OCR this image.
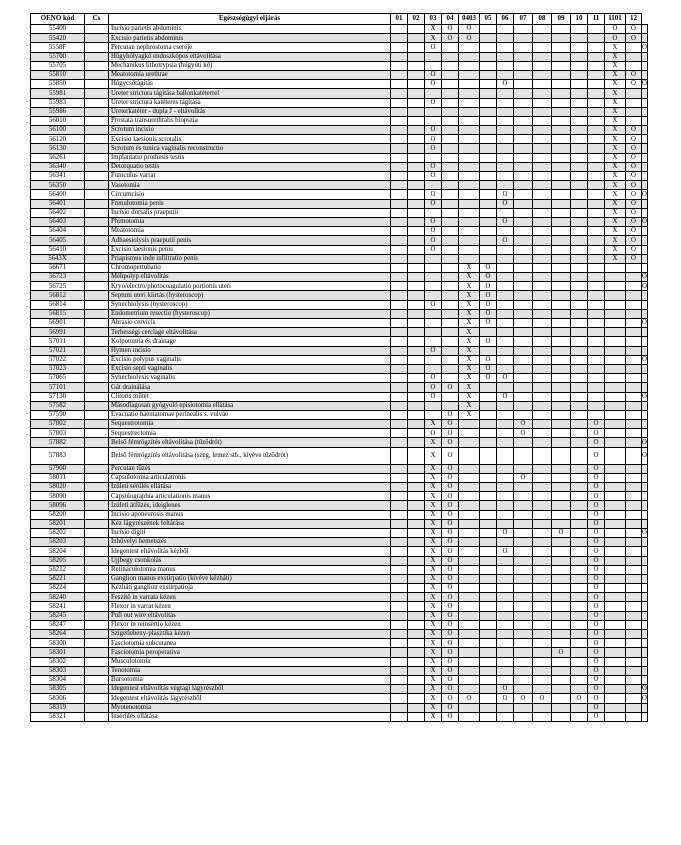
OENO kód	Cs	Egészségügyi eljárás	01	02	03	04	0403	05	06	07	08	09	10	11	1101	12	
55400		Incisio parietis abdominis			X	O	O								O	O	
55420		Excisio parietis abdominis			X	O	O								O	O	
5558F		Percutan nephrostoma cseréje			O										X		O
55700		Húgyhólyagkő endoszkópos eltávolítása													X		
55705		Mechanikus lithotrypsia (húgyúti kő)													X		
55810		Meatotomia urethrae			O										X	O	
55850		Húgycsőtágítás			O				O						X	O	O
55981		Ureter strictura tágítása ballonkatéterrel													X		
55983		Ureter strictura katéteres tágítása			O										X		
55986		Ureterkatéter - dupla J - eltávolítás													X		
56010		Prostata transurethralis biopszia													X		
56100		Scrotum incisio			O										X	O	
56120		Excisio laesionis scrotalis			O										X	O	
56130		Scrotum és tunica vaginalis reconstructio			O										X	O	
56261		Implantatio prothesis testis													X	O	
56340		Detorquatio testis			O										X	O	
56341		Funiculus varrat			O										X	O	
56350		Vasotomia													X	O	
56400		Circumcisio			O				O						X	O	O
56401		Frenulotomia penis			O				O						X	O	
56402		Incisio dorsalis praeputii													X	O	
56403		Phimotomia			O				O						X	O	O
56404		Meatotomia			O										X	O	
56405		Adhaesiolysis praeputii penis			O				O						X	O	
56410		Excisio laesionis penis			O										X	O	
5643X		Priapismus inde infiltratio penis													X	O	
56671		Chromopertubatio					X	O									
56723		Méhpolyp eltávolítás					X	O									O
56725		Kryo/electro/photocoagulatio portionis uteri					X	O									O
56812		Septum uteri kiirtás (hysteroscop)					X	O									
56814		Synechiolysis (hysteroscop)			O		X	O									
56815		Endometrium resectio (hysteroscop)					X	O									
56901		Abrasio cervicis					X	O									O
56991		Terhességi cerclage eltávolítása					X										
57011		Kolpotomia és drainage					X	O									
57021		Hymen incisio			O		X										
57022		Excisio polypus vaginalis					X	O									O
57023		Excisio septi vaginalis					X	O									
57065		Synechiolysis vaginalis			O		X	O	O								
57101		Gát drainálása			O	O	X										
57130		Clitoris műtét			O		X		O								O
57582		Másodlagosan gyógyuló episiotomia ellátása					X										
57590		Evacuatio haematomae perinealis s. vulvae				O	X										
57802		Sequestrotomia			X	O				O				O			
57803		Sequestrectomia			O	O				O				O			
57882		Belső fémrögzítés eltávolítása (tűződrót)			X	O								O			O
57883		Belső fémrögzítés eltávolítása (szeg, lemez stb., kivéve tűződrót)			X	O								O			O
57900		Percutan tűzés			X	O								O			
58011		Capsulotomia articulationis			X	O				O				O			
58020		Ízületi sérülés ellátása			X	O								O			
58090		Capsulographia articulationis manus			X	O								O			
58096		Ízületi átfűzés, ideiglenes			X	O								O			
58200		Incisio aponeurosis manus			X	O								O			
58201		Kéz lágyrészének feltárása			X	O								O			
58202		Incisio digiti			X	O			O			O		O			O
58203		Inhüvelyi bemetszés			X	O								O			
58204		Idegentest eltávolítás kézből			X	O			O					O			
58205		Ujjbegy csonkolás			X	O								O			
58212		Retinaculotomia manus			X	O								O			
58221		Ganglion manus exstirpatio (kivéve kézháti)			X	O								O			
58224		Kézháti ganglion exstirpatioja			X	O								O			
58240		Feszítő in varrata kézen			X	O								O			
58241		Flexor in varrat kézen			X	O								O			
58245		Pull out wire eltávolítás			X	O								O			
58247		Flexor in reinsertio kézen			X	O								O			
58264		Szigetlebeny-plasztika kézen			X	O								O			
58300		Fasciotomia subcutanea			X	O								O			
58301		Fasciotomia peroperativa			X	O						O		O			
58302		Musculotomia			X	O								O			
58303		Tenotomia			X	O								O			
58304		Bursotomia			X	O								O			
58305		Idegentest eltávolítás végtagi lágyrészből			X	O			O					O			O
58306		Idegentest eltávolítás lágyrészből			X	O	O		O	O	O		O	O			O
58319		Myotenotomia			X	O								O			
58321		Ínsérülés ellátása			X	O								O			
